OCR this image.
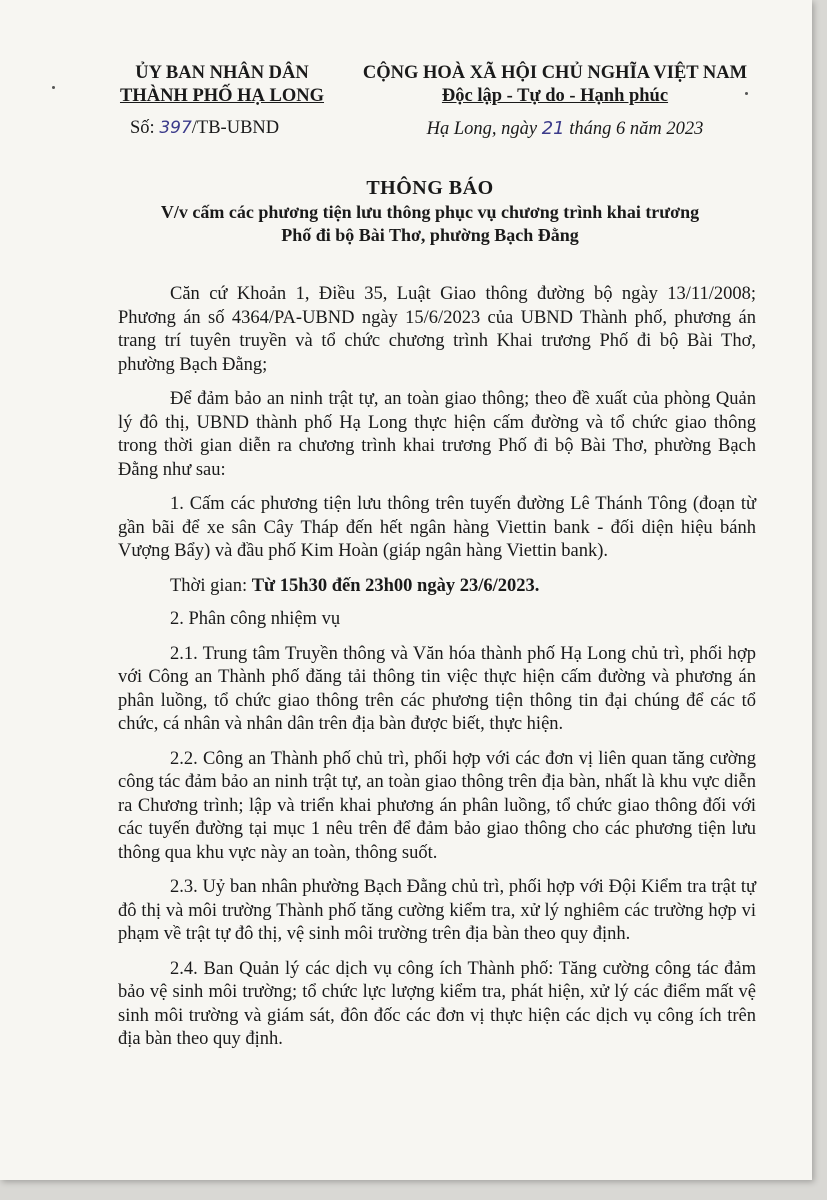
ỦY BAN NHÂN DÂN
THÀNH PHỐ HẠ LONG
Số: 397/TB-UBND
CỘNG HOÀ XÃ HỘI CHỦ NGHĨA VIỆT NAM
Độc lập - Tự do - Hạnh phúc
Hạ Long, ngày 21 tháng 6 năm 2023
THÔNG BÁO
V/v cấm các phương tiện lưu thông phục vụ chương trình khai trương
Phố đi bộ Bài Thơ, phường Bạch Đằng

Căn cứ Khoản 1, Điều 35, Luật Giao thông đường bộ ngày 13/11/2008; Phương án số 4364/PA-UBND ngày 15/6/2023 của UBND Thành phố, phương án trang trí tuyên truyền và tổ chức chương trình Khai trương Phố đi bộ Bài Thơ, phường Bạch Đằng;

Để đảm bảo an ninh trật tự, an toàn giao thông; theo đề xuất của phòng Quản lý đô thị, UBND thành phố Hạ Long thực hiện cấm đường và tổ chức giao thông trong thời gian diễn ra chương trình khai trương Phố đi bộ Bài Thơ, phường Bạch Đằng như sau:

1. Cấm các phương tiện lưu thông trên tuyến đường Lê Thánh Tông (đoạn từ gần bãi để xe sân Cây Tháp đến hết ngân hàng Viettin bank - đối diện hiệu bánh Vượng Bẩy) và đầu phố Kim Hoàn (giáp ngân hàng Viettin bank).

Thời gian: Từ 15h30 đến 23h00 ngày 23/6/2023.

2. Phân công nhiệm vụ

2.1. Trung tâm Truyền thông và Văn hóa thành phố Hạ Long chủ trì, phối hợp với Công an Thành phố đăng tải thông tin việc thực hiện cấm đường và phương án phân luồng, tổ chức giao thông trên các phương tiện thông tin đại chúng để các tổ chức, cá nhân và nhân dân trên địa bàn được biết, thực hiện.

2.2. Công an Thành phố chủ trì, phối hợp với các đơn vị liên quan tăng cường công tác đảm bảo an ninh trật tự, an toàn giao thông trên địa bàn, nhất là khu vực diễn ra Chương trình; lập và triển khai phương án phân luồng, tổ chức giao thông đối với các tuyến đường tại mục 1 nêu trên để đảm bảo giao thông cho các phương tiện lưu thông qua khu vực này an toàn, thông suốt.

2.3. Uỷ ban nhân phường Bạch Đằng chủ trì, phối hợp với Đội Kiểm tra trật tự đô thị và môi trường Thành phố tăng cường kiểm tra, xử lý nghiêm các trường hợp vi phạm về trật tự đô thị, vệ sinh môi trường trên địa bàn theo quy định.

2.4. Ban Quản lý các dịch vụ công ích Thành phố: Tăng cường công tác đảm bảo vệ sinh môi trường; tổ chức lực lượng kiểm tra, phát hiện, xử lý các điểm mất vệ sinh môi trường và giám sát, đôn đốc các đơn vị thực hiện các dịch vụ công ích trên địa bàn theo quy định.
